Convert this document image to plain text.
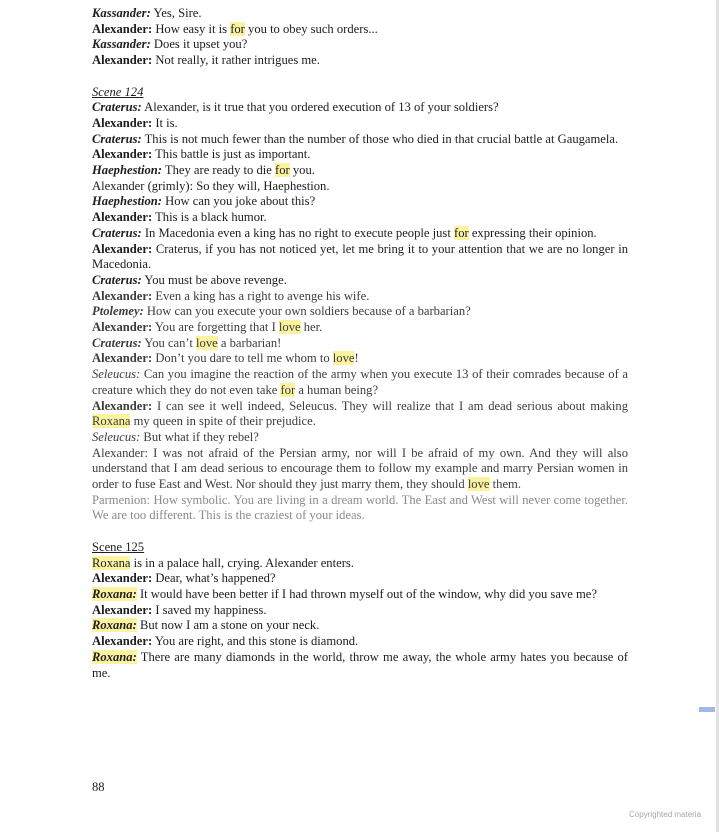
Kassander: Yes, Sire.

Alexander: How easy it is for you to obey such orders...

Kassander: Does it upset you?

Alexander: Not really, it rather intrigues me.

Scene 124

Craterus: Alexander, is it true that you ordered execution of 13 of your soldiers?

Alexander: It is.

Craterus: This is not much fewer than the number of those who died in that crucial battle at Gaugamela.

Alexander: This battle is just as important.

Haephestion: They are ready to die for you.

Alexander (grimly): So they will, Haephestion.

Haephestion: How can you joke about this?

Alexander: This is a black humor.

Craterus: In Macedonia even a king has no right to execute people just for expressing their opinion.

Alexander: Craterus, if you has not noticed yet, let me bring it to your attention that we are no longer in Macedonia.

Craterus: You must be above revenge.

Alexander: Even a king has a right to avenge his wife.

Ptolemey: How can you execute your own soldiers because of a barbarian?

Alexander: You are forgetting that I love her.

Craterus: You can’t love a barbarian!

Alexander: Don’t you dare to tell me whom to love!

Seleucus: Can you imagine the reaction of the army when you execute 13 of their comrades because of a creature which they do not even take for a human being?

Alexander: I can see it well indeed, Seleucus. They will realize that I am dead serious about making Roxana my queen in spite of their prejudice.

Seleucus: But what if they rebel?

Alexander: I was not afraid of the Persian army, nor will I be afraid of my own. And they will also understand that I am dead serious to encourage them to follow my example and marry Persian women in order to fuse East and West. Nor should they just marry them, they should love them.

Parmenion: How symbolic. You are living in a dream world. The East and West will never come together. We are too different. This is the craziest of your ideas.

Scene 125

Roxana is in a palace hall, crying. Alexander enters.

Alexander: Dear, what’s happened?

Roxana: It would have been better if I had thrown myself out of the window, why did you save me?

Alexander: I saved my happiness.

Roxana: But now I am a stone on your neck.

Alexander: You are right, and this stone is diamond.

Roxana: There are many diamonds in the world, throw me away, the whole army hates you because of me.

88
Copyrighted materia
